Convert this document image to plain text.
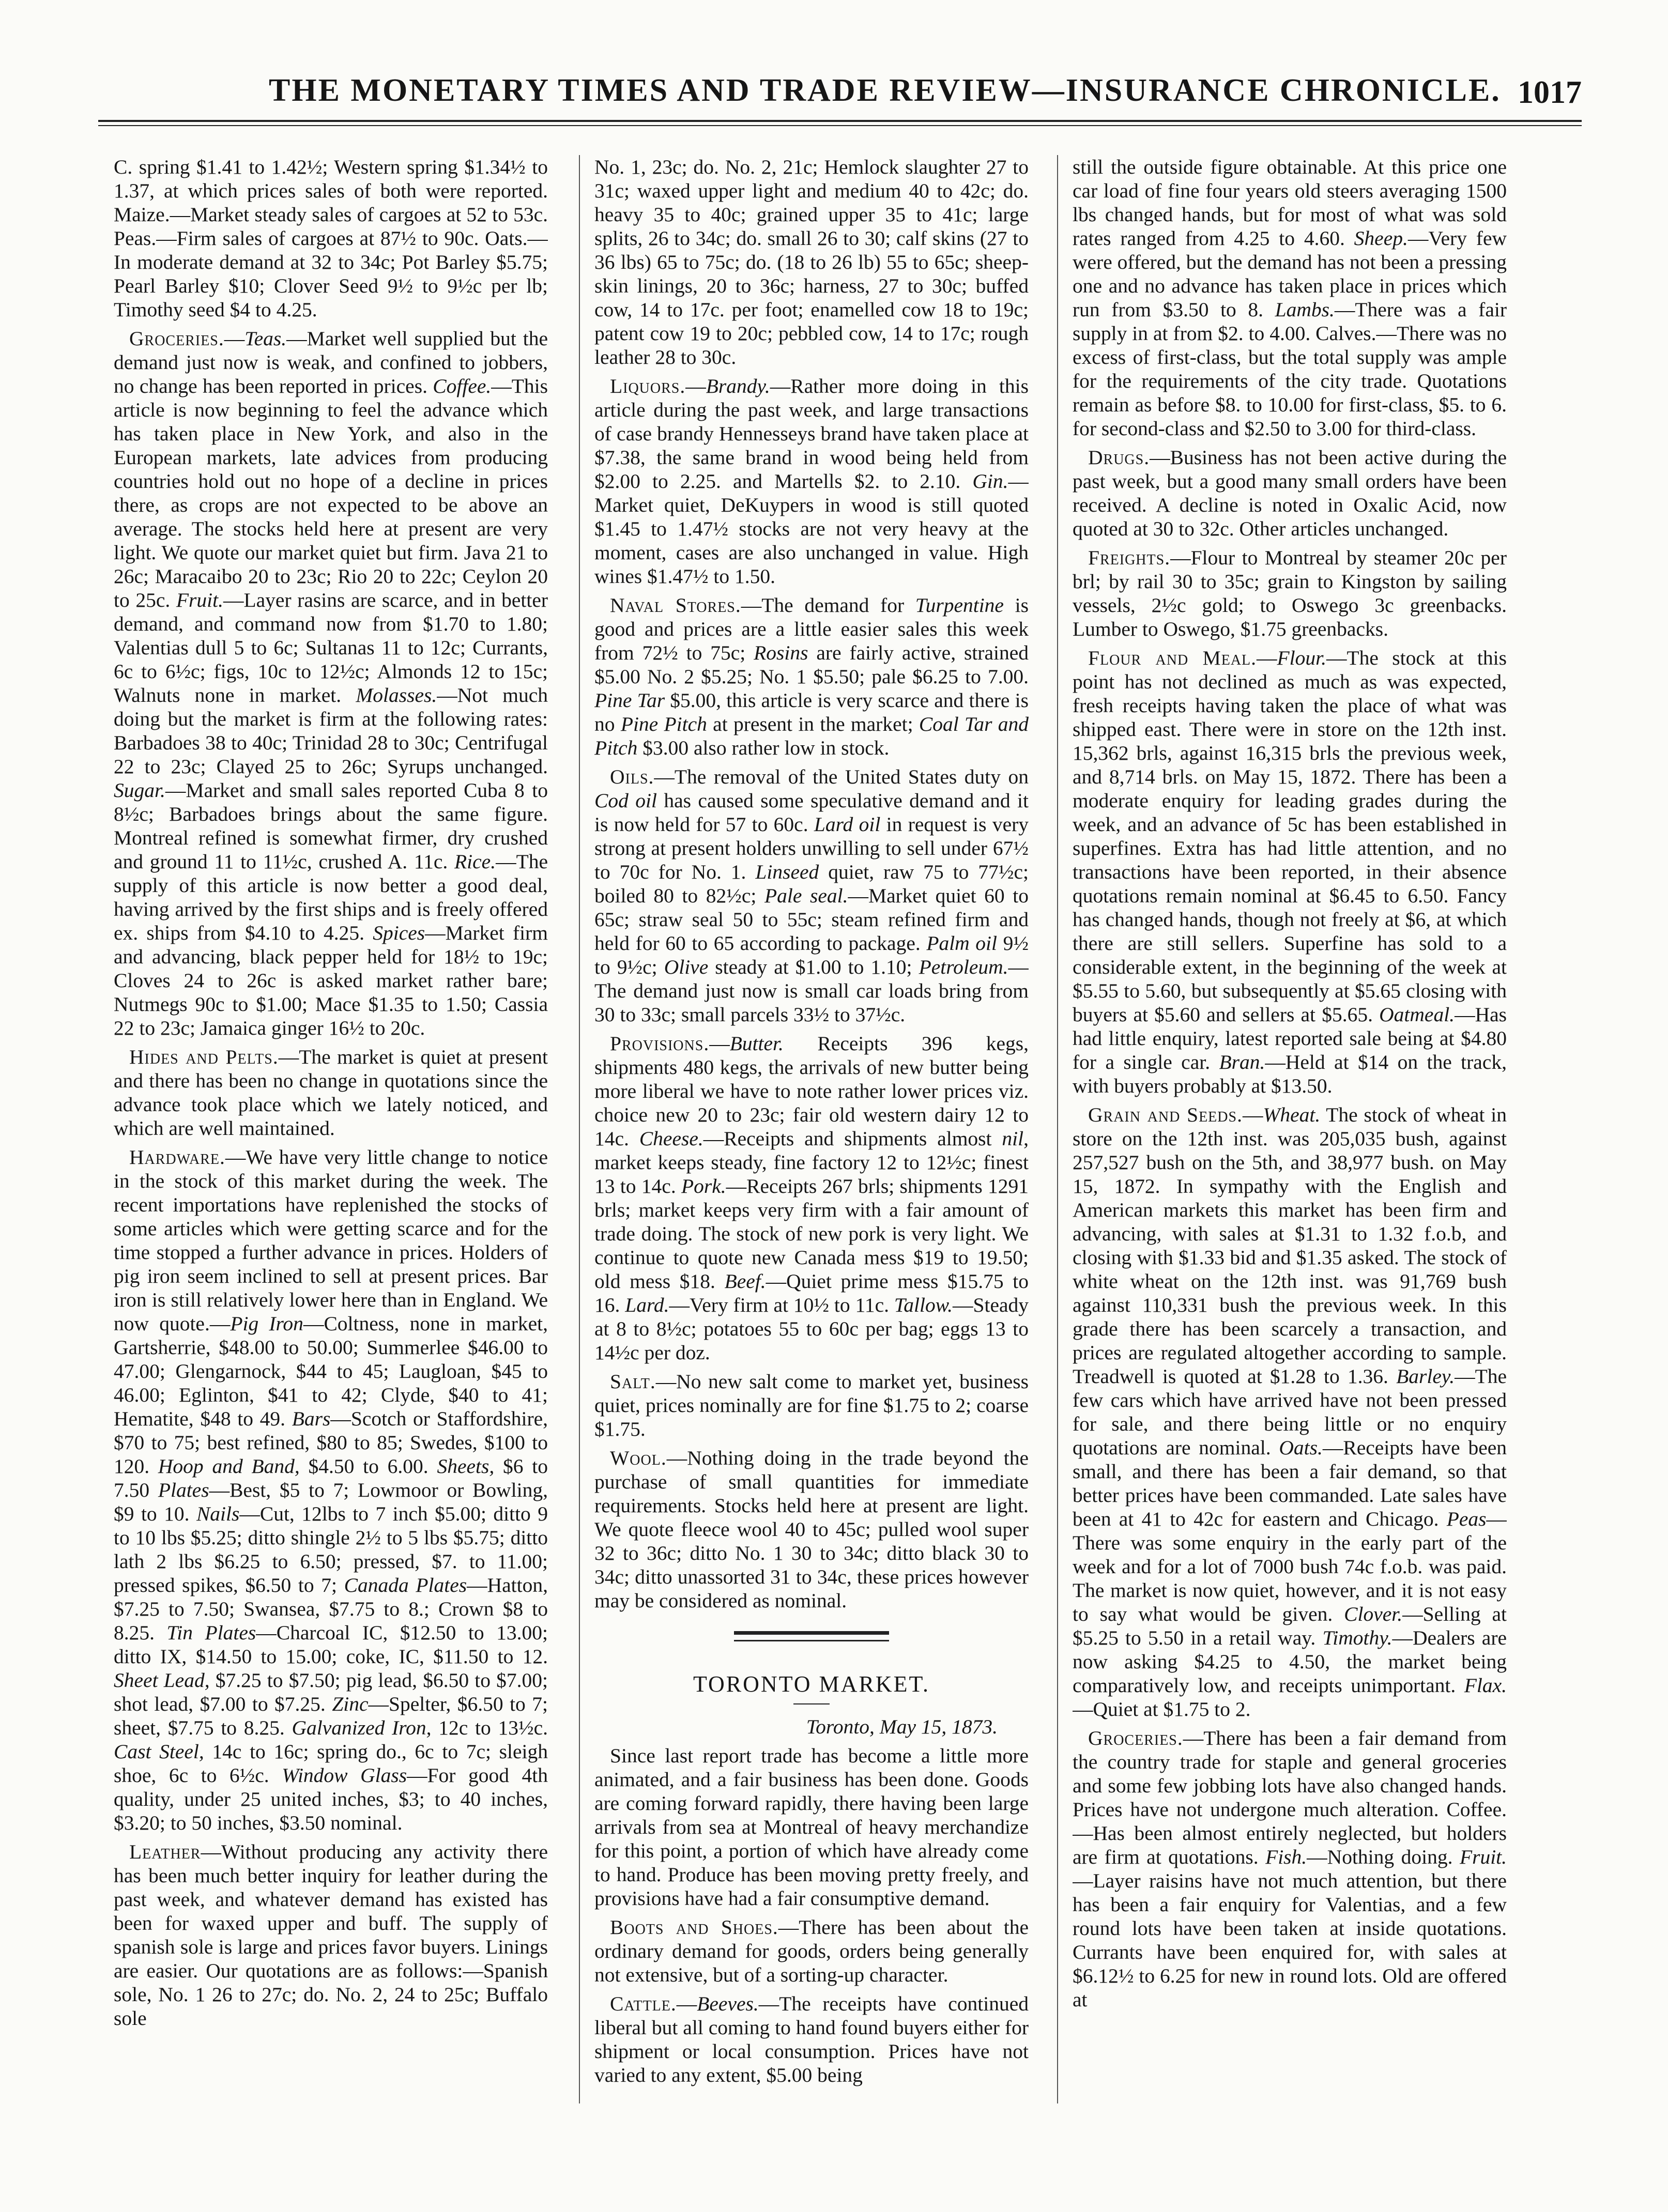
THE MONETARY TIMES AND TRADE REVIEW—INSURANCE CHRONICLE. 1017

C. spring $1.41 to 1.42½; Western spring $1.34½ to 1.37, at which prices sales of both were reported. Maize.—Market steady sales of cargoes at 52 to 53c. Peas.—Firm sales of cargoes at 87½ to 90c. Oats.—In moderate demand at 32 to 34c; Pot Barley $5.75; Pearl Barley $10; Clover Seed 9½ to 9½c per lb; Timothy seed $4 to 4.25.

Groceries.—Teas.—Market well supplied but the demand just now is weak, and confined to jobbers, no change has been reported in prices. Coffee.—This article is now beginning to feel the advance which has taken place in New York, and also in the European markets, late advices from producing countries hold out no hope of a decline in prices there, as crops are not expected to be above an average. The stocks held here at present are very light. We quote our market quiet but firm. Java 21 to 26c; Maracaibo 20 to 23c; Rio 20 to 22c; Ceylon 20 to 25c. Fruit.—Layer rasins are scarce, and in better demand, and command now from $1.70 to 1.80; Valentias dull 5 to 6c; Sultanas 11 to 12c; Currants, 6c to 6½c; figs, 10c to 12½c; Almonds 12 to 15c; Walnuts none in market. Molasses.—Not much doing but the market is firm at the following rates: Barbadoes 38 to 40c; Trinidad 28 to 30c; Centrifugal 22 to 23c; Clayed 25 to 26c; Syrups unchanged. Sugar.—Market and small sales reported Cuba 8 to 8½c; Barbadoes brings about the same figure. Montreal refined is somewhat firmer, dry crushed and ground 11 to 11½c, crushed A. 11c. Rice.—The supply of this article is now better a good deal, having arrived by the first ships and is freely offered ex. ships from $4.10 to 4.25. Spices—Market firm and advancing, black pepper held for 18½ to 19c; Cloves 24 to 26c is asked market rather bare; Nutmegs 90c to $1.00; Mace $1.35 to 1.50; Cassia 22 to 23c; Jamaica ginger 16½ to 20c.

Hides and Pelts.—The market is quiet at present and there has been no change in quotations since the advance took place which we lately noticed, and which are well maintained.

Hardware.—We have very little change to notice in the stock of this market during the week. The recent importations have replenished the stocks of some articles which were getting scarce and for the time stopped a further advance in prices. Holders of pig iron seem inclined to sell at present prices. Bar iron is still relatively lower here than in England. We now quote.—Pig Iron—Coltness, none in market, Gartsherrie, $48.00 to 50.00; Summerlee $46.00 to 47.00; Glengarnock, $44 to 45; Laugloan, $45 to 46.00; Eglinton, $41 to 42; Clyde, $40 to 41; Hematite, $48 to 49. Bars—Scotch or Staffordshire, $70 to 75; best refined, $80 to 85; Swedes, $100 to 120. Hoop and Band, $4.50 to 6.00. Sheets, $6 to 7.50 Plates—Best, $5 to 7; Lowmoor or Bowling, $9 to 10. Nails—Cut, 12lbs to 7 inch $5.00; ditto 9 to 10 lbs $5.25; ditto shingle 2½ to 5 lbs $5.75; ditto lath 2 lbs $6.25 to 6.50; pressed, $7. to 11.00; pressed spikes, $6.50 to 7; Canada Plates—Hatton, $7.25 to 7.50; Swansea, $7.75 to 8.; Crown $8 to 8.25. Tin Plates—Charcoal IC, $12.50 to 13.00; ditto IX, $14.50 to 15.00; coke, IC, $11.50 to 12. Sheet Lead, $7.25 to $7.50; pig lead, $6.50 to $7.00; shot lead, $7.00 to $7.25. Zinc—Spelter, $6.50 to 7; sheet, $7.75 to 8.25. Galvanized Iron, 12c to 13½c. Cast Steel, 14c to 16c; spring do., 6c to 7c; sleigh shoe, 6c to 6½c. Window Glass—For good 4th quality, under 25 united inches, $3; to 40 inches, $3.20; to 50 inches, $3.50 nominal.

Leather—Without producing any activity there has been much better inquiry for leather during the past week, and whatever demand has existed has been for waxed upper and buff. The supply of spanish sole is large and prices favor buyers. Linings are easier. Our quotations are as follows:—Spanish sole, No. 1 26 to 27c; do. No. 2, 24 to 25c; Buffalo sole

No. 1, 23c; do. No. 2, 21c; Hemlock slaughter 27 to 31c; waxed upper light and medium 40 to 42c; do. heavy 35 to 40c; grained upper 35 to 41c; large splits, 26 to 34c; do. small 26 to 30; calf skins (27 to 36 lbs) 65 to 75c; do. (18 to 26 lb) 55 to 65c; sheep-skin linings, 20 to 36c; harness, 27 to 30c; buffed cow, 14 to 17c. per foot; enamelled cow 18 to 19c; patent cow 19 to 20c; pebbled cow, 14 to 17c; rough leather 28 to 30c.

Liquors.—Brandy.—Rather more doing in this article during the past week, and large transactions of case brandy Hennesseys brand have taken place at $7.38, the same brand in wood being held from $2.00 to 2.25. and Martells $2. to 2.10. Gin.—Market quiet, DeKuypers in wood is still quoted $1.45 to 1.47½ stocks are not very heavy at the moment, cases are also unchanged in value. High wines $1.47½ to 1.50.

Naval Stores.—The demand for Turpentine is good and prices are a little easier sales this week from 72½ to 75c; Rosins are fairly active, strained $5.00 No. 2 $5.25; No. 1 $5.50; pale $6.25 to 7.00. Pine Tar $5.00, this article is very scarce and there is no Pine Pitch at present in the market; Coal Tar and Pitch $3.00 also rather low in stock.

Oils.—The removal of the United States duty on Cod oil has caused some speculative demand and it is now held for 57 to 60c. Lard oil in request is very strong at present holders unwilling to sell under 67½ to 70c for No. 1. Linseed quiet, raw 75 to 77½c; boiled 80 to 82½c; Pale seal.—Market quiet 60 to 65c; straw seal 50 to 55c; steam refined firm and held for 60 to 65 according to package. Palm oil 9½ to 9½c; Olive steady at $1.00 to 1.10; Petroleum.—The demand just now is small car loads bring from 30 to 33c; small parcels 33½ to 37½c.

Provisions.—Butter. Receipts 396 kegs, shipments 480 kegs, the arrivals of new butter being more liberal we have to note rather lower prices viz. choice new 20 to 23c; fair old western dairy 12 to 14c. Cheese.—Receipts and shipments almost nil, market keeps steady, fine factory 12 to 12½c; finest 13 to 14c. Pork.—Receipts 267 brls; shipments 1291 brls; market keeps very firm with a fair amount of trade doing. The stock of new pork is very light. We continue to quote new Canada mess $19 to 19.50; old mess $18. Beef.—Quiet prime mess $15.75 to 16. Lard.—Very firm at 10½ to 11c. Tallow.—Steady at 8 to 8½c; potatoes 55 to 60c per bag; eggs 13 to 14½c per doz.

Salt.—No new salt come to market yet, business quiet, prices nominally are for fine $1.75 to 2; coarse $1.75.

Wool.—Nothing doing in the trade beyond the purchase of small quantities for immediate requirements. Stocks held here at present are light. We quote fleece wool 40 to 45c; pulled wool super 32 to 36c; ditto No. 1 30 to 34c; ditto black 30 to 34c; ditto unassorted 31 to 34c, these prices however may be considered as nominal.

TORONTO MARKET.

Toronto, May 15, 1873.

Since last report trade has become a little more animated, and a fair business has been done. Goods are coming forward rapidly, there having been large arrivals from sea at Montreal of heavy merchandize for this point, a portion of which have already come to hand. Produce has been moving pretty freely, and provisions have had a fair consumptive demand.

Boots and Shoes.—There has been about the ordinary demand for goods, orders being generally not extensive, but of a sorting-up character.

Cattle.—Beeves.—The receipts have continued liberal but all coming to hand found buyers either for shipment or local consumption. Prices have not varied to any extent, $5.00 being

still the outside figure obtainable. At this price one car load of fine four years old steers averaging 1500 lbs changed hands, but for most of what was sold rates ranged from 4.25 to 4.60. Sheep.—Very few were offered, but the demand has not been a pressing one and no advance has taken place in prices which run from $3.50 to 8. Lambs.—There was a fair supply in at from $2. to 4.00. Calves.—There was no excess of first-class, but the total supply was ample for the requirements of the city trade. Quotations remain as before $8. to 10.00 for first-class, $5. to 6. for second-class and $2.50 to 3.00 for third-class.

Drugs.—Business has not been active during the past week, but a good many small orders have been received. A decline is noted in Oxalic Acid, now quoted at 30 to 32c. Other articles unchanged.

Freights.—Flour to Montreal by steamer 20c per brl; by rail 30 to 35c; grain to Kingston by sailing vessels, 2½c gold; to Oswego 3c greenbacks. Lumber to Oswego, $1.75 greenbacks.

Flour and Meal.—Flour.—The stock at this point has not declined as much as was expected, fresh receipts having taken the place of what was shipped east. There were in store on the 12th inst. 15,362 brls, against 16,315 brls the previous week, and 8,714 brls. on May 15, 1872. There has been a moderate enquiry for leading grades during the week, and an advance of 5c has been established in superfines. Extra has had little attention, and no transactions have been reported, in their absence quotations remain nominal at $6.45 to 6.50. Fancy has changed hands, though not freely at $6, at which there are still sellers. Superfine has sold to a considerable extent, in the beginning of the week at $5.55 to 5.60, but subsequently at $5.65 closing with buyers at $5.60 and sellers at $5.65. Oatmeal.—Has had little enquiry, latest reported sale being at $4.80 for a single car. Bran.—Held at $14 on the track, with buyers probably at $13.50.

Grain and Seeds.—Wheat. The stock of wheat in store on the 12th inst. was 205,035 bush, against 257,527 bush on the 5th, and 38,977 bush. on May 15, 1872. In sympathy with the English and American markets this market has been firm and advancing, with sales at $1.31 to 1.32 f.o.b, and closing with $1.33 bid and $1.35 asked. The stock of white wheat on the 12th inst. was 91,769 bush against 110,331 bush the previous week. In this grade there has been scarcely a transaction, and prices are regulated altogether according to sample. Treadwell is quoted at $1.28 to 1.36. Barley.—The few cars which have arrived have not been pressed for sale, and there being little or no enquiry quotations are nominal. Oats.—Receipts have been small, and there has been a fair demand, so that better prices have been commanded. Late sales have been at 41 to 42c for eastern and Chicago. Peas—There was some enquiry in the early part of the week and for a lot of 7000 bush 74c f.o.b. was paid. The market is now quiet, however, and it is not easy to say what would be given. Clover.—Selling at $5.25 to 5.50 in a retail way. Timothy.—Dealers are now asking $4.25 to 4.50, the market being comparatively low, and receipts unimportant. Flax.—Quiet at $1.75 to 2.

Groceries.—There has been a fair demand from the country trade for staple and general groceries and some few jobbing lots have also changed hands. Prices have not undergone much alteration. Coffee.—Has been almost entirely neglected, but holders are firm at quotations. Fish.—Nothing doing. Fruit.—Layer raisins have not much attention, but there has been a fair enquiry for Valentias, and a few round lots have been taken at inside quotations. Currants have been enquired for, with sales at $6.12½ to 6.25 for new in round lots. Old are offered at
